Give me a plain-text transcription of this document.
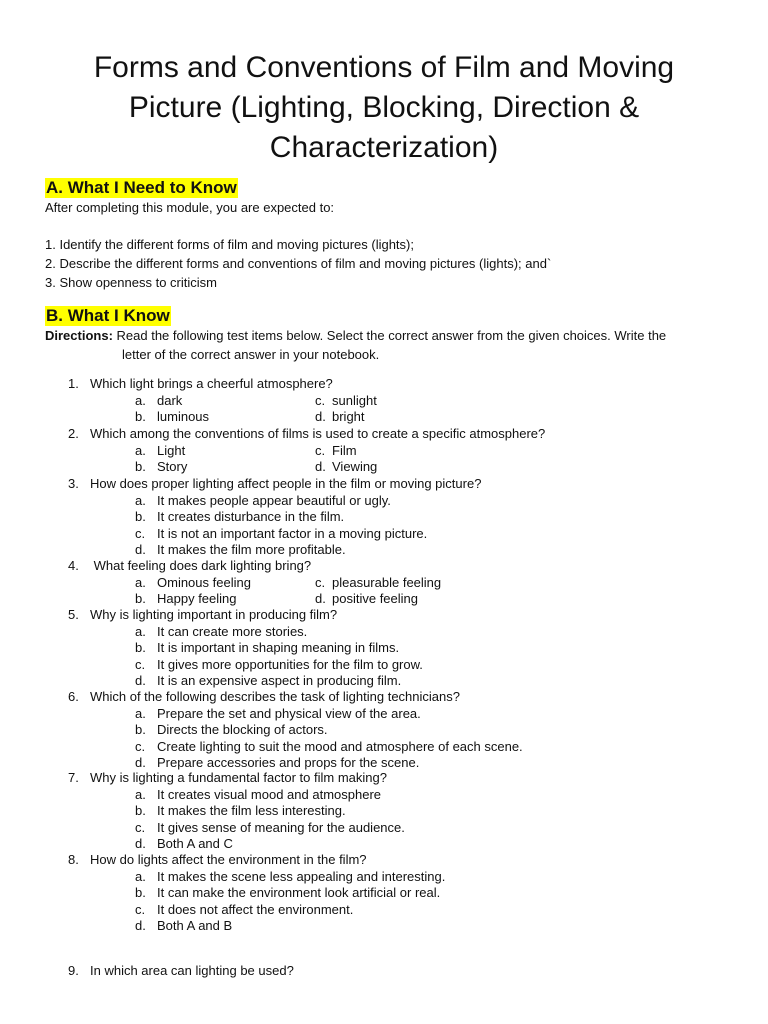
Forms and Conventions of Film and Moving
Picture (Lighting, Blocking, Direction &
Characterization)
A. What I Need to Know
After completing this module, you are expected to:
1. Identify the different forms of film and moving pictures (lights);
2. Describe the different forms and conventions of film and moving pictures (lights); and`
3. Show openness to criticism
B. What I Know
Directions: Read the following test items below. Select the correct answer from the given choices. Write the
letter of the correct answer in your notebook.
1. Which light brings a cheerful atmosphere?
a. dark
b. luminous
c. sunlight
d. bright
2. Which among the conventions of films is used to create a specific atmosphere?
a. Light
b. Story
c. Film
d. Viewing
3. How does proper lighting affect people in the film or moving picture?
a. It makes people appear beautiful or ugly.
b. It creates disturbance in the film.
c. It is not an important factor in a moving picture.
d. It makes the film more profitable.
4. What feeling does dark lighting bring?
a. Ominous feeling
b. Happy feeling
c. pleasurable feeling
d. positive feeling
5. Why is lighting important in producing film?
a. It can create more stories.
b. It is important in shaping meaning in films.
c. It gives more opportunities for the film to grow.
d. It is an expensive aspect in producing film.
6. Which of the following describes the task of lighting technicians?
a. Prepare the set and physical view of the area.
b. Directs the blocking of actors.
c. Create lighting to suit the mood and atmosphere of each scene.
d. Prepare accessories and props for the scene.
7. Why is lighting a fundamental factor to film making?
a. It creates visual mood and atmosphere
b. It makes the film less interesting.
c. It gives sense of meaning for the audience.
d. Both A and C
8. How do lights affect the environment in the film?
a. It makes the scene less appealing and interesting.
b. It can make the environment look artificial or real.
c. It does not affect the environment.
d. Both A and B
9. In which area can lighting be used?
